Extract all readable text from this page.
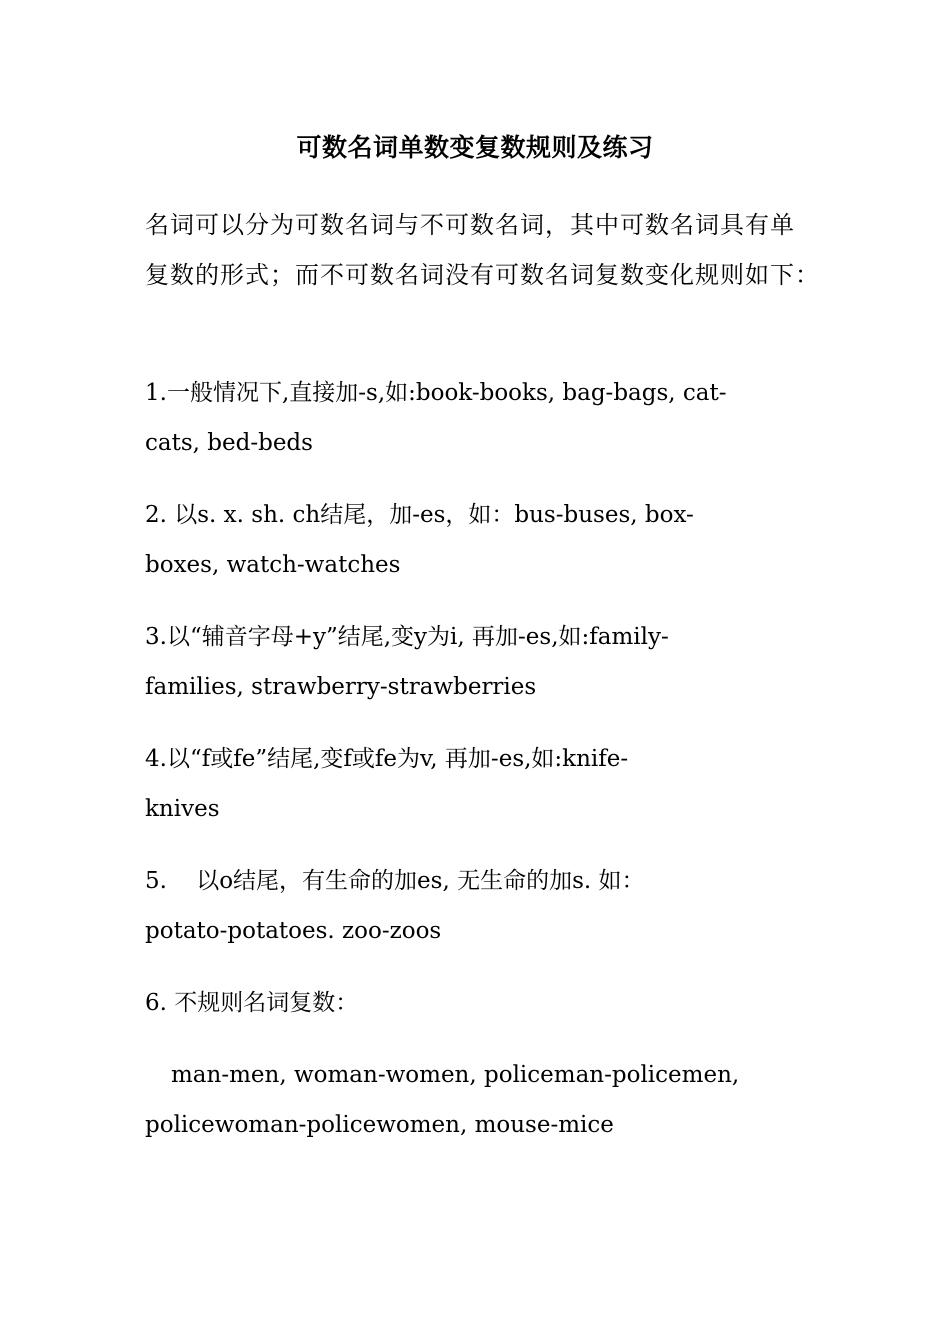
可数名词单数变复数规则及练习
名词可以分为可数名词与不可数名词，其中可数名词具有单
复数的形式；而不可数名词没有可数名词复数变化规则如下：
1.一般情况下,直接加-s,如:book-books, bag-bags, cat-
cats, bed-beds
2. 以s. x. sh. ch结尾，加-es，如：bus-buses, box-
boxes, watch-watches
3.以“辅音字母+y”结尾,变y为i, 再加-es,如:family-
families, strawberry-strawberries
4.以“f或fe”结尾,变f或fe为v, 再加-es,如:knife-
knives
5.    以o结尾，有生命的加es, 无生命的加s. 如：
potato-potatoes. zoo-zoos
6. 不规则名词复数：
man-men, woman-women, policeman-policemen,
policewoman-policewomen, mouse-mice
